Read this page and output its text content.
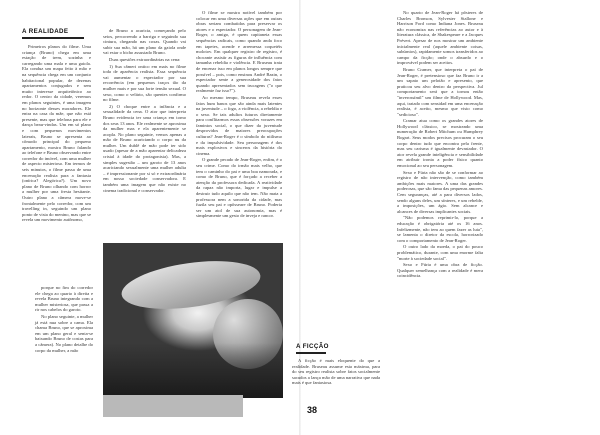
A REALIDADE

Primeiros planos do filme. Uma criança (Bruno) chega em uma estação de trem, sozinha e carregando uma mala e uma gaiola. Ela conduz um mapa feito à mão e na sequência chega em um conjunto habitacional popular, de dezenas apartamentos conjugados e sem muito interesse arquitetônico ao redor. O centro da cidade, veremos em planos seguintes, é uma imagem no horizonte desses moradores. Ele entra na casa da mãe, que não está presente, mas que telefona para ele e dança beau-vindas. Um em só plano e com pequenos movimentos laterais, Bruno se apresenta ao cômodo principal do pequeno apartamento, mostra Bruno falando ao telefone e Bruno observando entre corredor do imóvel, com uma mulher de aspecto misterioso. Em termos de seis minutos, o filme passa de uma encenação realista para a fantasia (onírica? Alegórica?). Um novo plano de Bruno olhando com horror a mulher por uma fresta hesitante. Outro plano a câmera move-se frontalmente pelo corredor, com um travelling in, seguindo um plano ponto de vista do menino, mas que se revela um movimento autônomo,

porque no fim do corredor ele chega ao quarto à direita e revela Bruno integrando com a mulher misteriosa, que passa a rir nos cabelos do garoto.

No plano seguinte, a mulher já está nua sobre a cama. Ela chama Bruno, que se aproxima em um plano geral e senta-se baixando Bruno de costas para a câmera). No plano detalhe do corpo da mulher, a mão

de Bruno a acaricia, começando pelo seios, percorrendo a barriga e seguindo sua cintura, chegando nas coxas. Quando vai subir sua mão, há um plano da gaiola onde vai estar o bicho assustado Bruno.

Duas questões extraordinárias na cena:

1) Sua câmeri ontico em mais no filme toda de aparência realista. Essa sequência vai aumentar o espectador por sua recorrência (em pequenos traços tão da mulher mais e por sua forte tensão sexual. O sexo, como o velário, são quentes confirmo no filme.

2) O choque entre a infância e a sexualidade da cena. O ator que interpreta Bruno evidencia ter uma criança em torno dos seus 13 anos. Ele realmente se aproxima da mulher mas e ela aparentemente se acopla. No plano seguinte, vemos apenas a mão de Bruno acariciando o corpo nu da mulher. Um dublê de mão pode ter sido usado (apesar de a mão aparentar delicadeza cristal à idade do protagonista). Mas, a simples sugestão – um garoto de 13 anos acariciando sexualmente uma mulher adulta – é impressionante por si só e extraordinária em nosso sociedade conservadora. E também uma imagem que não existe no cinema tradicional e conservador.

O filme se mostra notível também por colocar em uma diversas ações que em outras obras seriam combatidas para preservar os atores e o espectador. O personagem de Jean-Roger, o amigo, é quem capitaneia essas sequências radicais, como quando anda foco em tapetes, acende e arremessa coquetéis molotov. Em qualquer registro de registro, é chocante assistir as figuras de influência com tamanha rebeldia e violência. E Bruseau trata de encenar isso em planos longos sempre que possível – pois, como ensinou André Bazin, o espectador sente a generosidade dos fatos quando apresentados sem trucagens ("o que realmente faz isso?").

Ao mesmo tempo, Bruseau revela esses fatos hum banos que são ainda mais latentes na juventude – o fogo, a violência, a rebeldia e o sexo. Se tais adultos futuros diretamente para conflitarmos essas obsessões vorazes em famintos social, o que dizer da juventude desprovidos de maiores preocupações culturas? Jean-Roger é o símbolo do niilismo e da impulsividade. Seu personagem é dos mais explosivos e sinceros da história do cinema.

O grande pecado de Jean-Roger, enfim, é o seu crime. Como do irmão mais velho, que tem o caminho do pai e uma boa namorada, e como de Bruno, que é forçado a receber a atenção da professora dedicada. A reatividade da rapaz não importa, lugar e impulse a destruir tudo aquilo que não tem. Não mata a professora nem a sonorida da cidade, mas fuzila seu pai e opôsseare de Bruno. Poderia ser um atol de sua autonomia, mas é simplesmente um gesto de inveja e rancor.

A FICÇÃO

A ficção é mais eloquente do que a realidade. Bruseau assume esta máxima, para do seu registro realista sobre fatos socialmente sacudos a lança mão de uma narrativa que nada mais é que fantasiosa.

No quarto de Jean-Roger há pôsteres de Charles Bronson, Sylvester Stallone e Harrison Ford como Indiana Jones. Bruseau não economiza nas referências ao autor e à literatura clássica, de Shakespeare e a Jacques Prévert. Apesar de nos mostrar um ambiente inicialmente real (aquele ambiente coisas, subúrnios), rapidamente somos transferidos ao campo da ficção; onde o absurdo e o improvável podem ser aceitos.

Bruno Cramer, que interpreta o pai de Jean-Roger, é pretensioso que faz Bruno ir a um sapato um pelotão e apresento, que praticou seu alvo dentro da perspectiva. Jul comportamento será que a tornou então "inverossímil" um filme de Hollywood. Mas, aqui, tratado com sensidad em uma encenação realista, é aceito, mesmo que visto como "sedicioso".

Cramar atua como os grandes atores de Hollywood clássico, se mostrando uma numeração de Robert Mitchum ou Humphrey Bogart. Seus modos precisos procuram o seu corpo dentro tudo que encontra pela frente, mas seu carisma é igualmente devastador. O ator revela grande inteligência e sensibilidade em atribuir ironia a poder físico quanto emocional ao seu personagem.

Sexo e Fúria não são de se conformar ao registro de não intervenção, como também ambições mais maiores. A uma das grandes poderosas, que são fama das pequenas amores. Cem seguranças, até a para diversos lados, sendo alguns deles, um sínteres, e um rebelde, a imposições, um ágio. Sem alcance e alcances de diversas implicantes sociais.

"Não podemos reprimir-lo, porque a educação é obrigatória até os 16 anos. Infelizmente, não tem ao quem fazer as luta", se lamenta o diretor da escola, horrorizado com o comportamento de Jean-Roger.

O outro lado da moeda, o pai do pouco problemático, durante, com uma enorme falta "morte à sociedade social".

Sexo e Fúria é uma obra de ficção. Qualquer semelhança com a realidade é mera coincidência.

38
